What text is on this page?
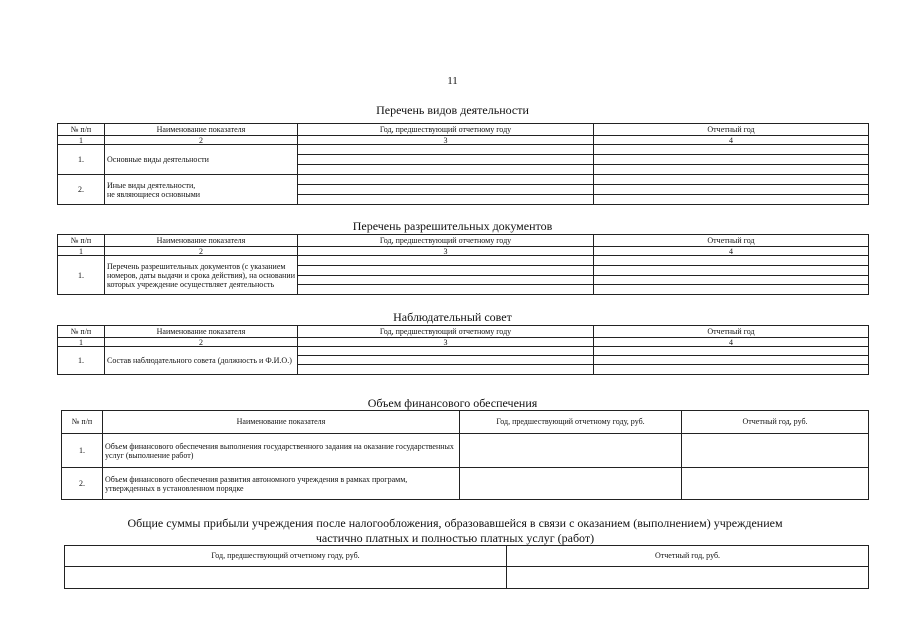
11
Перечень видов деятельности
№ п/п	Наименование показателя	Год, предшествующий отчетному году	Отчетный год
1	2	3	4
1.	Основные виды деятельности	

2.	Иные виды деятельности,
не являющиеся основными	

Перечень разрешительных документов
№ п/п	Наименование показателя	Год, предшествующий отчетному году	Отчетный год
1	2	3	4
1.	Перечень разрешительных документов (с указанием номеров, даты выдачи и срока действия), на основании которых учреждение осуществляет деятельность	

Наблюдательный совет
№ п/п	Наименование показателя	Год, предшествующий отчетному году	Отчетный год
1	2	3	4
1.	Состав наблюдательного совета (должность и Ф.И.О.)	

Объем финансового обеспечения
№ п/п	Наименование показателя	Год, предшествующий отчетному году, руб.	Отчетный год, руб.
1.	Объем финансового обеспечения выполнения государственного задания на оказание государственных услуг (выполнение работ)		
2.	Объем финансового обеспечения развития автономного учреждения в рамках программ, утвержденных в установленном порядке		
Общие суммы прибыли учреждения после налогообложения, образовавшейся в связи с оказанием (выполнением) учреждением
частично платных и полностью платных услуг (работ)
Год, предшествующий отчетному году, руб.	Отчетный год, руб.
